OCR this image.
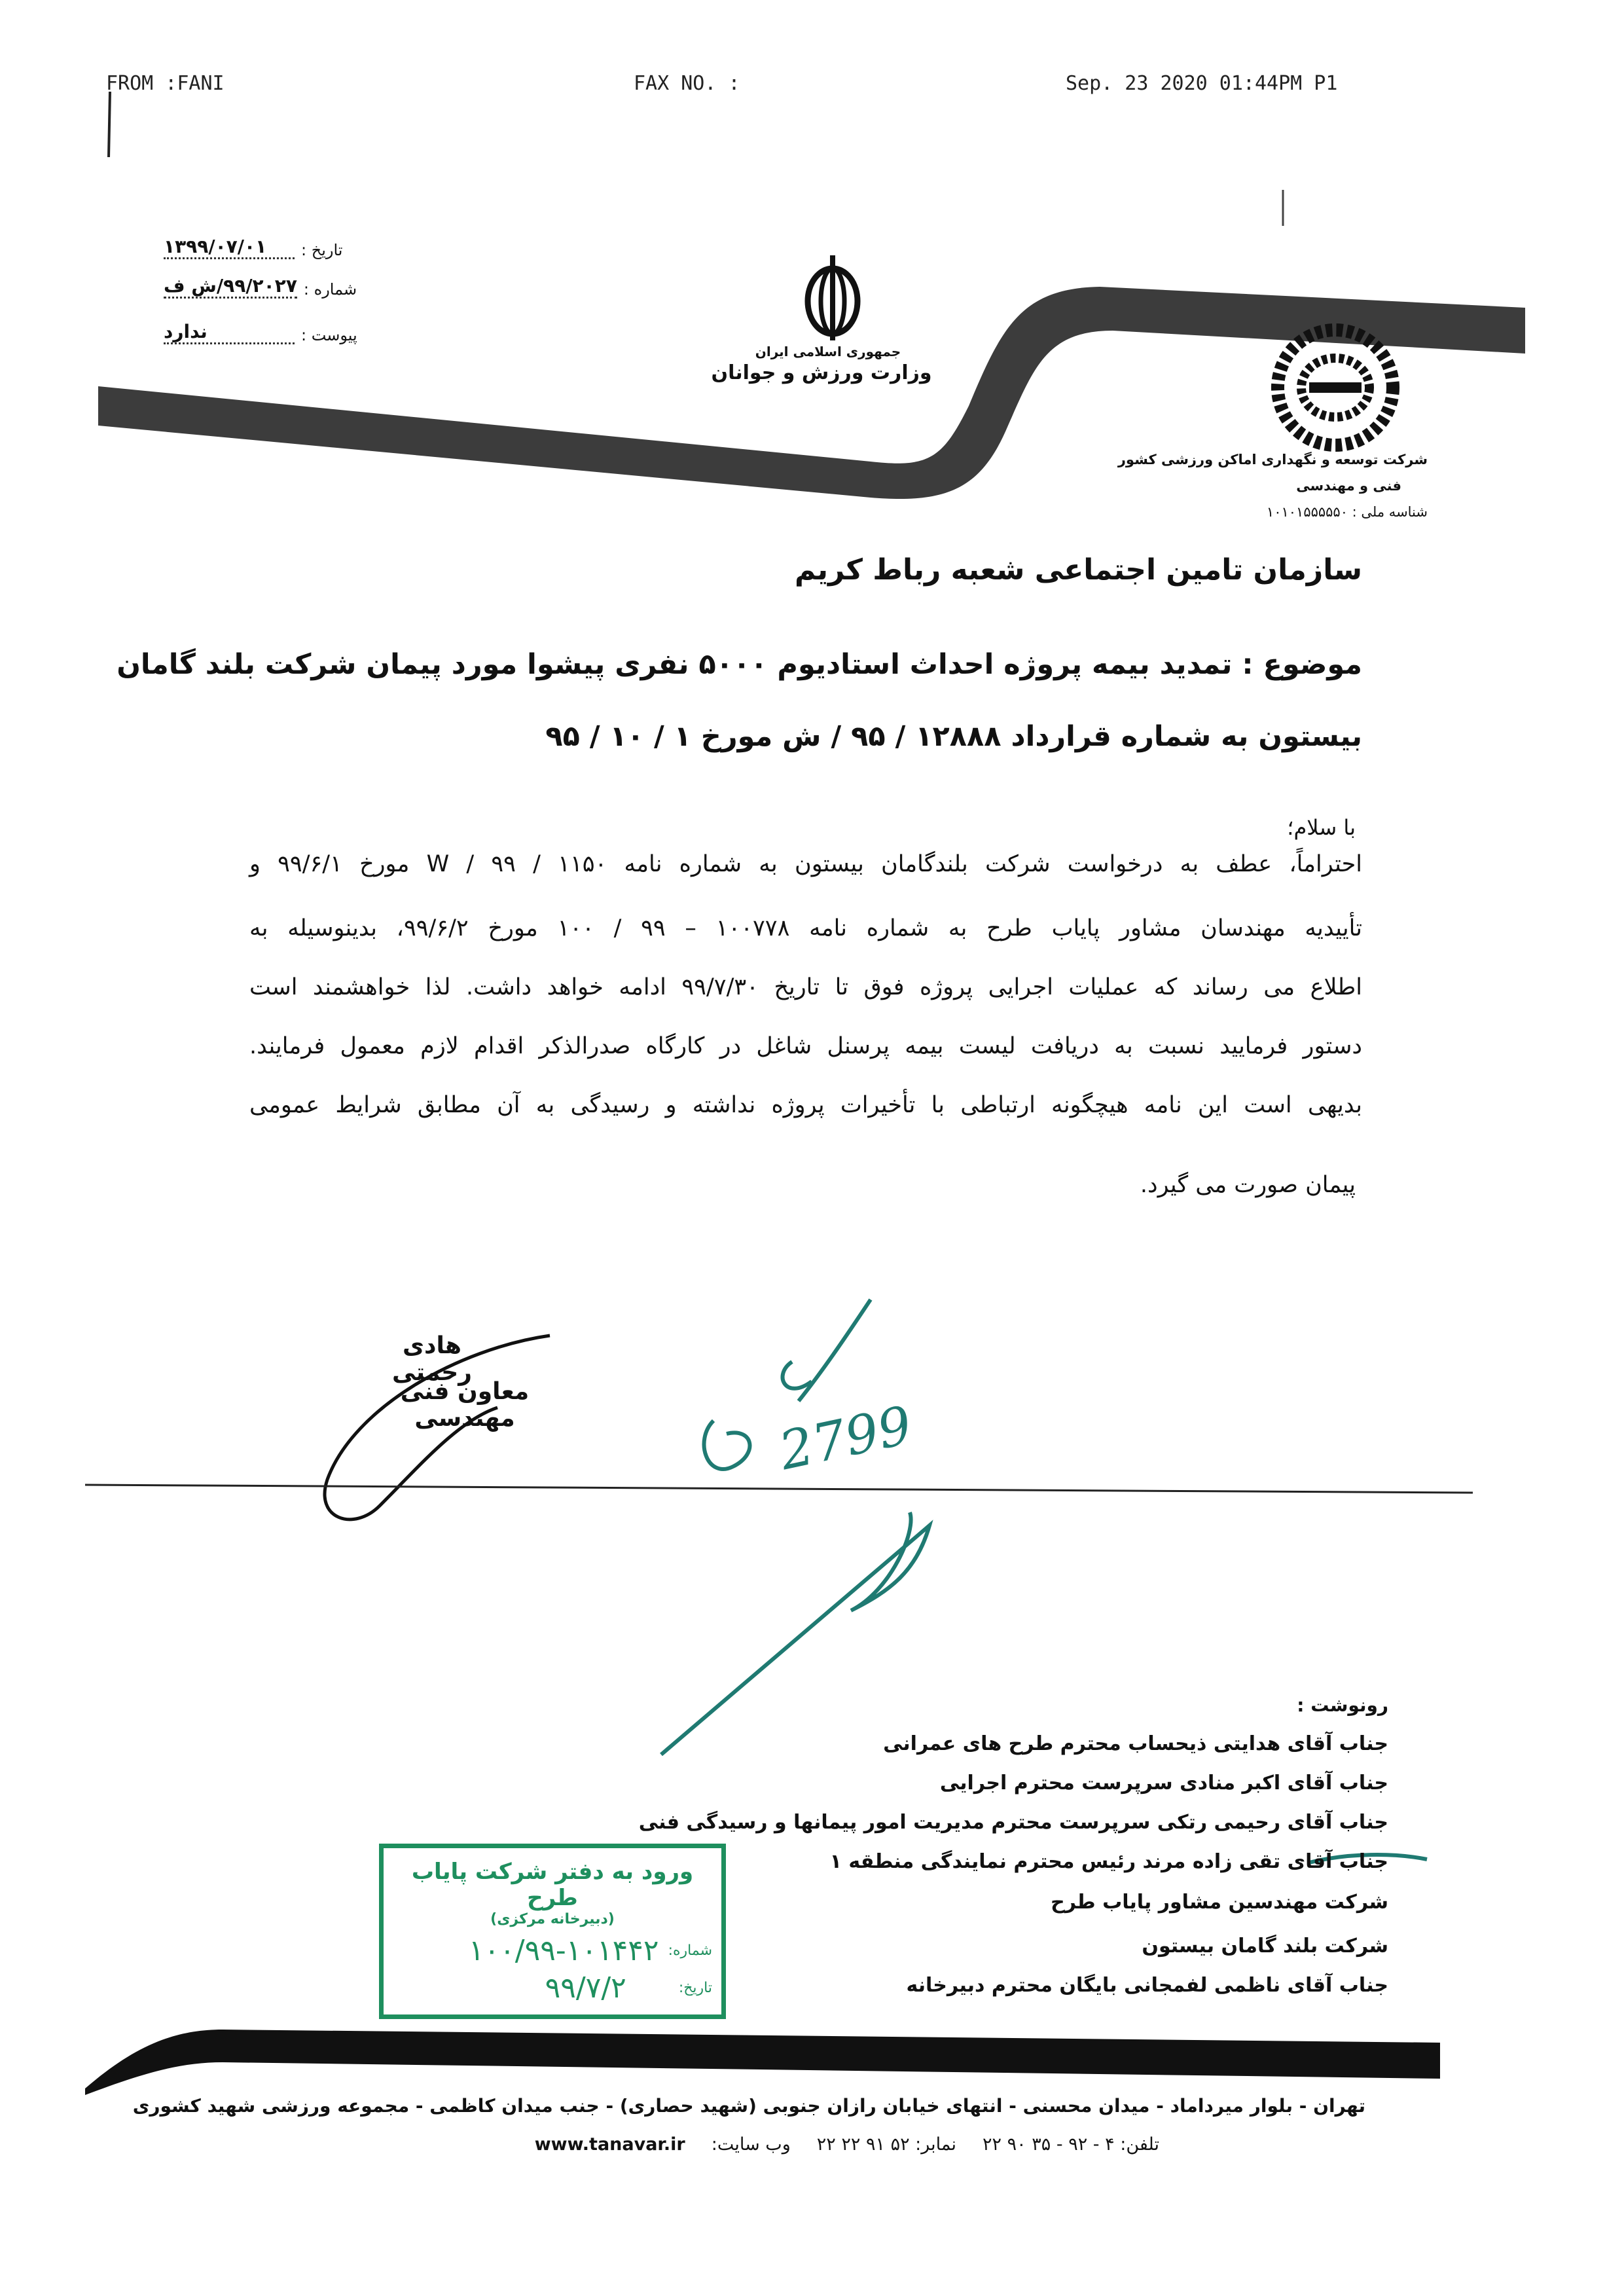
2799
FROM :FANI	FAX NO. :	Sep. 23 2020 01:44PM P1
تاریخ :
۱۳۹۹/۰۷/۰۱
شماره :
۹۹/۲۰۲۷/ش ف
پیوست :
ندارد
جمهوری اسلامی ایران
وزارت ورزش و جوانان
شرکت توسعه و نگهداری اماکن ورزشی کشور
فنی و مهندسی
شناسه ملی : ۱۰۱۰۱۵۵۵۵۵۰
سازمان تامین اجتماعی شعبه رباط کریم
موضوع : تمدید بیمه پروژه احداث استادیوم ۵۰۰۰ نفری پیشوا مورد پیمان شرکت بلند گامان
بیستون به شماره قرارداد ۱۲۸۸۸ / ۹۵ / ش مورخ ۱ / ۱۰ / ۹۵
با سلام؛
احتراماً، عطف به درخواست شرکت بلندگامان بیستون به شماره نامه ۱۱۵۰ / W / ۹۹ مورخ ۹۹/۶/۱ و
تأییدیه مهندسان مشاور پایاب طرح به شماره نامه ۱۰۰۷۷۸ – ۹۹ / ۱۰۰ مورخ ۹۹/۶/۲، بدینوسیله به
اطلاع می رساند که عملیات اجرایی پروژه فوق تا تاریخ ۹۹/۷/۳۰ ادامه خواهد داشت. لذا خواهشمند است
دستور فرمایید نسبت به دریافت لیست بیمه پرسنل شاغل در کارگاه صدرالذکر اقدام لازم معمول فرمایند.
بدیهی است این نامه هیچگونه ارتباطی با تأخیرات پروژه نداشته و رسیدگی به آن مطابق شرایط عمومی
پیمان صورت می گیرد.
هادی رحمتی
معاون فنی مهندسی
رونوشت :
جناب آقای هدایتی ذیحساب محترم طرح های عمرانی
جناب آقای اکبر منادی سرپرست محترم اجرایی
جناب آقای رحیمی رتکی سرپرست محترم مدیریت امور پیمانها و رسیدگی فنی
جناب آقای تقی زاده مرند رئیس محترم نمایندگی منطقه ۱
شرکت مهندسین مشاور پایاب طرح
شرکت بلند گامان بیستون
جناب آقای ناظمی لفمجانی بایگان محترم دبیرخانه
ورود به دفتر شرکت پایاب طرح
(دبیرخانه مرکزی)
شماره:
۱۰۰/۹۹-۱۰۱۴۴۲
تاریخ:
۹۹/۷/۲
تهران - بلوار میرداماد - میدان محسنی - انتهای خیابان رازان جنوبی (شهید حصاری) - جنب میدان کاظمی - مجموعه ورزشی شهید کشوری
تلفن: ۴ - ۹۲ - ۳۵ ۹۰ ۲۲
نمابر: ۵۲ ۹۱ ۲۲ ۲۲
وب سایت:
www.tanavar.ir
